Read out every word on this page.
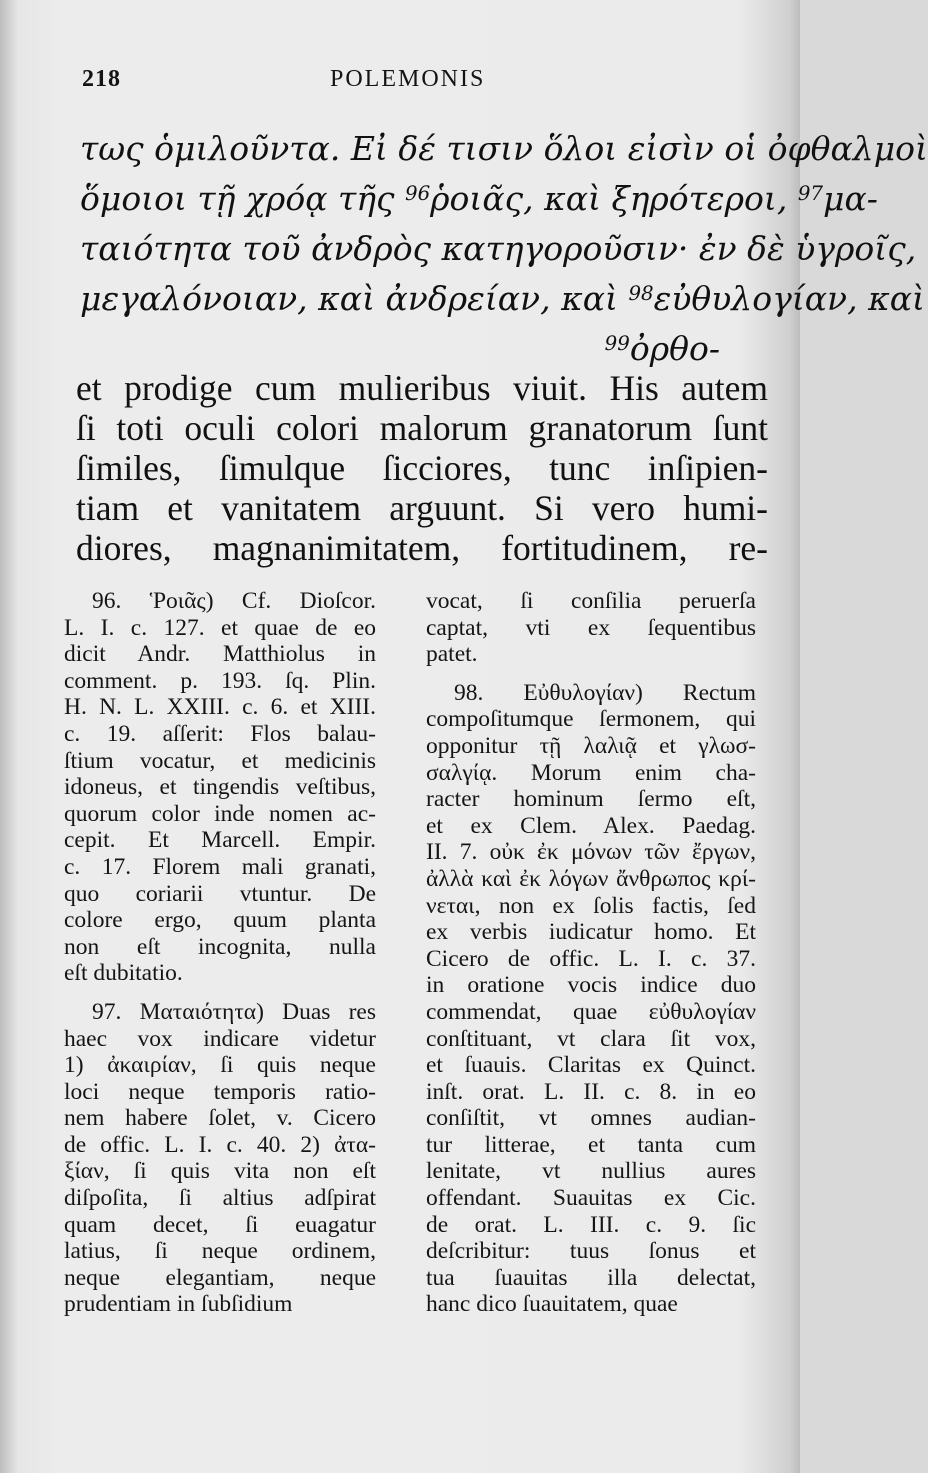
218	POLEMONIS
τως ὁμιλοῦντα. Εἰ δέ τισιν ὅλοι εἰσὶν οἱ ὀφθαλμοὶ
ὅμοιοι τῇ χρόᾳ τῆς $^{96}$ῥοιᾶς, καὶ ξηρότεροι, $^{97}$μα-
ταιότητα τοῦ ἀνδρὸς κατηγοροῦσιν· ἐν δὲ ὑγροῖς,
μεγαλόνοιαν, καὶ ἀνδρείαν, καὶ $^{98}$εὐθυλογίαν, καὶ
$^{99}$ὀρθο-
et prodige cum mulieribus viuit. His autem
ſi toti oculi colori malorum granatorum ſunt
ſimiles, ſimulque ſicciores, tunc inſipien-
tiam et vanitatem arguunt. Si vero humi-
diores, magnanimitatem, fortitudinem, re-

96. Ῥοιᾶς) Cf. Dioſcor.
L. I. c. 127. et quae de eo
dicit Andr. Matthiolus in
comment. p. 193. ſq. Plin.
H. N. L. XXIII. c. 6. et XIII.
c. 19. aſſerit: Flos balau-
ſtium vocatur, et medicinis
idoneus, et tingendis veſtibus,
quorum color inde nomen ac-
cepit. Et Marcell. Empir.
c. 17. Florem mali granati,
quo coriarii vtuntur. De
colore ergo, quum planta
non eſt incognita, nulla
eſt dubitatio.

97. Ματαιότητα) Duas res
haec vox indicare videtur
1) ἀκαιρίαν, ſi quis neque
loci neque temporis ratio-
nem habere ſolet, v. Cicero
de offic. L. I. c. 40. 2) ἀτα-
ξίαν, ſi quis vita non eſt
diſpoſita, ſi altius adſpirat
quam decet, ſi euagatur
latius, ſi neque ordinem,
neque elegantiam, neque
prudentiam in ſubſidium

vocat, ſi conſilia peruerſa
captat, vti ex ſequentibus
patet.

98. Εὐθυλογίαν) Rectum
compoſitumque ſermonem, qui
opponitur τῇ λαλιᾷ et γλωσ-
σαλγίᾳ. Morum enim cha-
racter hominum ſermo eſt,
et ex Clem. Alex. Paedag.
II. 7. οὐκ ἐκ μόνων τῶν ἔργων,
ἀλλὰ καὶ ἐκ λόγων ἄνθρωπος κρί-
νεται, non ex ſolis factis, ſed
ex verbis iudicatur homo. Et
Cicero de offic. L. I. c. 37.
in oratione vocis indice duo
commendat, quae εὐθυλογίαν
conſtituant, vt clara ſit vox,
et ſuauis. Claritas ex Quinct.
inſt. orat. L. II. c. 8. in eo
conſiſtit, vt omnes audian-
tur litterae, et tanta cum
lenitate, vt nullius aures
offendant. Suauitas ex Cic.
de orat. L. III. c. 9. ſic
deſcribitur: tuus ſonus et
tua ſuauitas illa delectat,
hanc dico ſuauitatem, quae
